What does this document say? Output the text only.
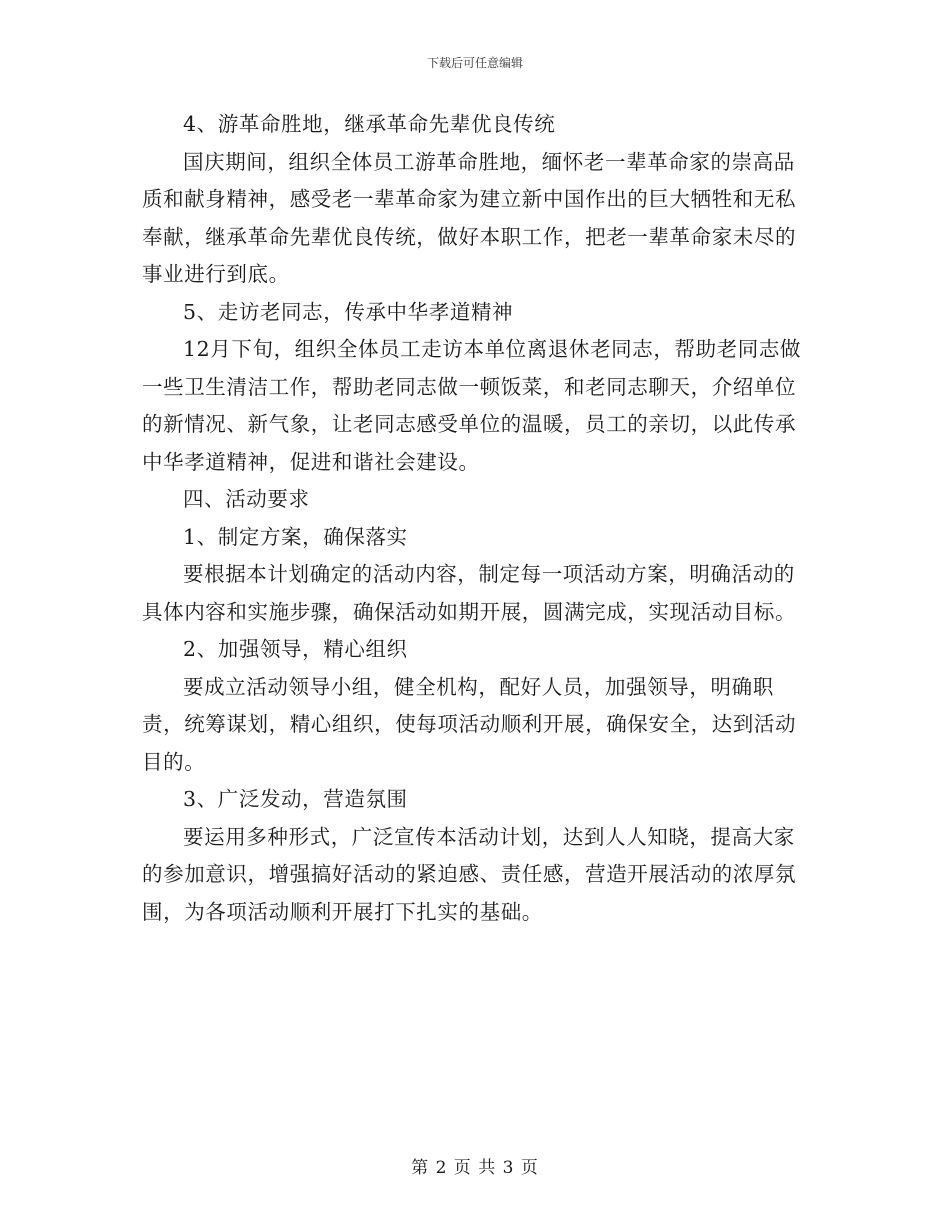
下载后可任意编辑

4、游革命胜地，继承革命先辈优良传统

国庆期间，组织全体员工游革命胜地，缅怀老一辈革命家的崇高品质和献身精神，感受老一辈革命家为建立新中国作出的巨大牺牲和无私奉献，继承革命先辈优良传统，做好本职工作，把老一辈革命家未尽的事业进行到底。

5、走访老同志，传承中华孝道精神

12月下旬，组织全体员工走访本单位离退休老同志，帮助老同志做一些卫生清洁工作，帮助老同志做一顿饭菜，和老同志聊天，介绍单位的新情况、新气象，让老同志感受单位的温暖，员工的亲切，以此传承中华孝道精神，促进和谐社会建设。

四、活动要求

1、制定方案，确保落实

要根据本计划确定的活动内容，制定每一项活动方案，明确活动的具体内容和实施步骤，确保活动如期开展，圆满完成，实现活动目标。

2、加强领导，精心组织

要成立活动领导小组，健全机构，配好人员，加强领导，明确职责，统筹谋划，精心组织，使每项活动顺利开展，确保安全，达到活动目的。

3、广泛发动，营造氛围

要运用多种形式，广泛宣传本活动计划，达到人人知晓，提高大家的参加意识，增强搞好活动的紧迫感、责任感，营造开展活动的浓厚氛围，为各项活动顺利开展打下扎实的基础。

第 2 页 共 3 页
